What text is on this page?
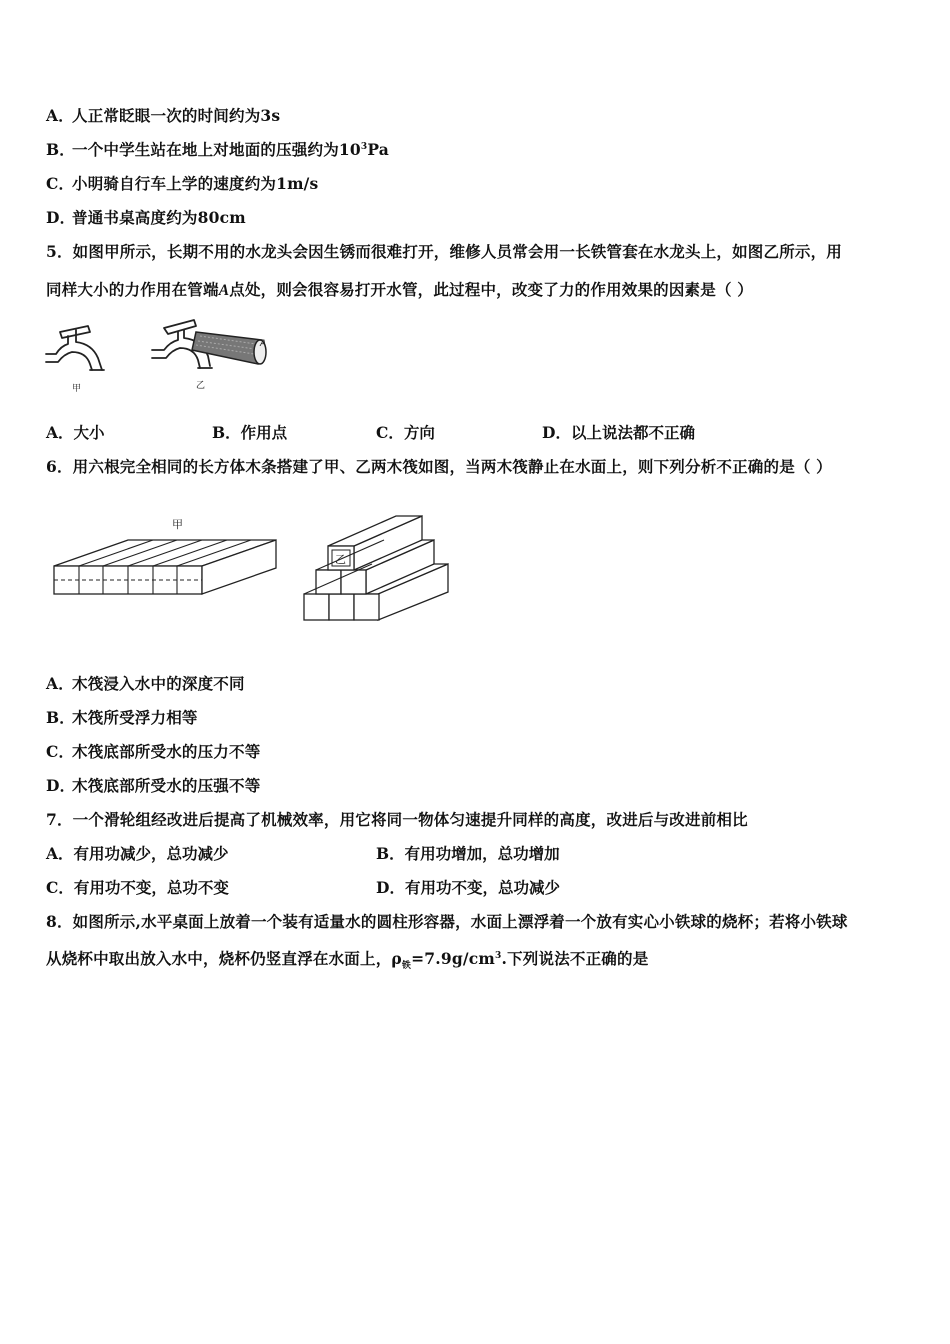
A．人正常眨眼一次的时间约为3s
B．一个中学生站在地上对地面的压强约为$10^3Pa$
C．小明骑自行车上学的速度约为1m/s
D．普通书桌高度约为80cm
5．如图甲所示，长期不用的水龙头会因生锈而很难打开，维修人员常会用一长铁管套在水龙头上，如图乙所示，用
同样大小的力作用在管端A点处，则会很容易打开水管，此过程中，改变了力的作用效果的因素是（ ）
甲
A
乙
A．大小	B．作用点	C．方向	D．以上说法都不正确
6．用六根完全相同的长方体木条搭建了甲、乙两木筏如图，当两木筏静止在水面上，则下列分析不正确的是（ ）
甲
乙
A．木筏浸入水中的深度不同
B．木筏所受浮力相等
C．木筏底部所受水的压力不等
D．木筏底部所受水的压强不等
7．一个滑轮组经改进后提高了机械效率，用它将同一物体匀速提升同样的高度，改进后与改进前相比
A．有用功减少，总功减少	B．有用功增加，总功增加
C．有用功不变，总功不变	D．有用功不变，总功减少
8．如图所示,水平桌面上放着一个装有适量水的圆柱形容器，水面上漂浮着一个放有实心小铁球的烧杯；若将小铁球
从烧杯中取出放入水中，烧杯仍竖直浮在水面上，$\rho_铁=7.9g/cm^3$.下列说法不正确的是
